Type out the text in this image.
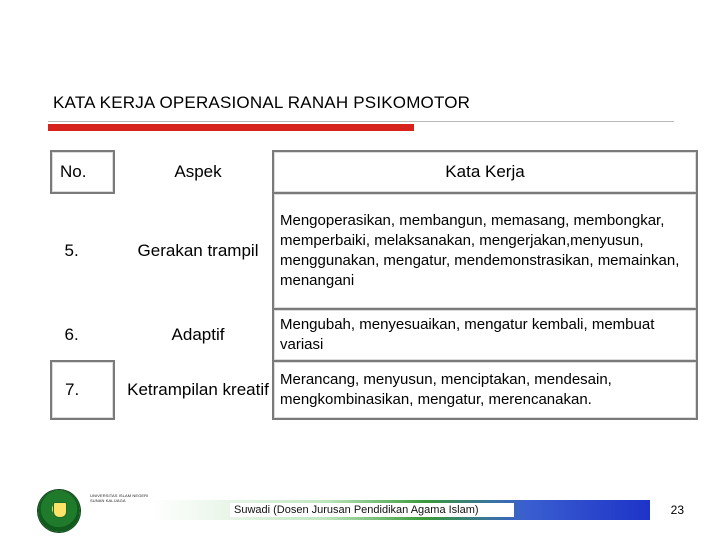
KATA KERJA OPERASIONAL RANAH PSIKOMOTOR
No.		Aspek	Kata Kerja
5.		Gerakan trampil	Mengoperasikan, membangun, memasang, membongkar, memperbaiki, melaksanakan, mengerjakan,menyusun, menggunakan, mengatur, mendemonstrasikan, memainkan, menangani
6.		Adaptif	Mengubah, menyesuaikan, mengatur kembali, membuat variasi
7.		Ketrampilan kreatif	Merancang, menyusun, menciptakan, mendesain, mengkombinasikan, mengatur, merencanakan.
UNIVERSITAS ISLAM NEGERI SUNAN KALIJAGA
Suwadi (Dosen Jurusan Pendidikan Agama Islam)	23
